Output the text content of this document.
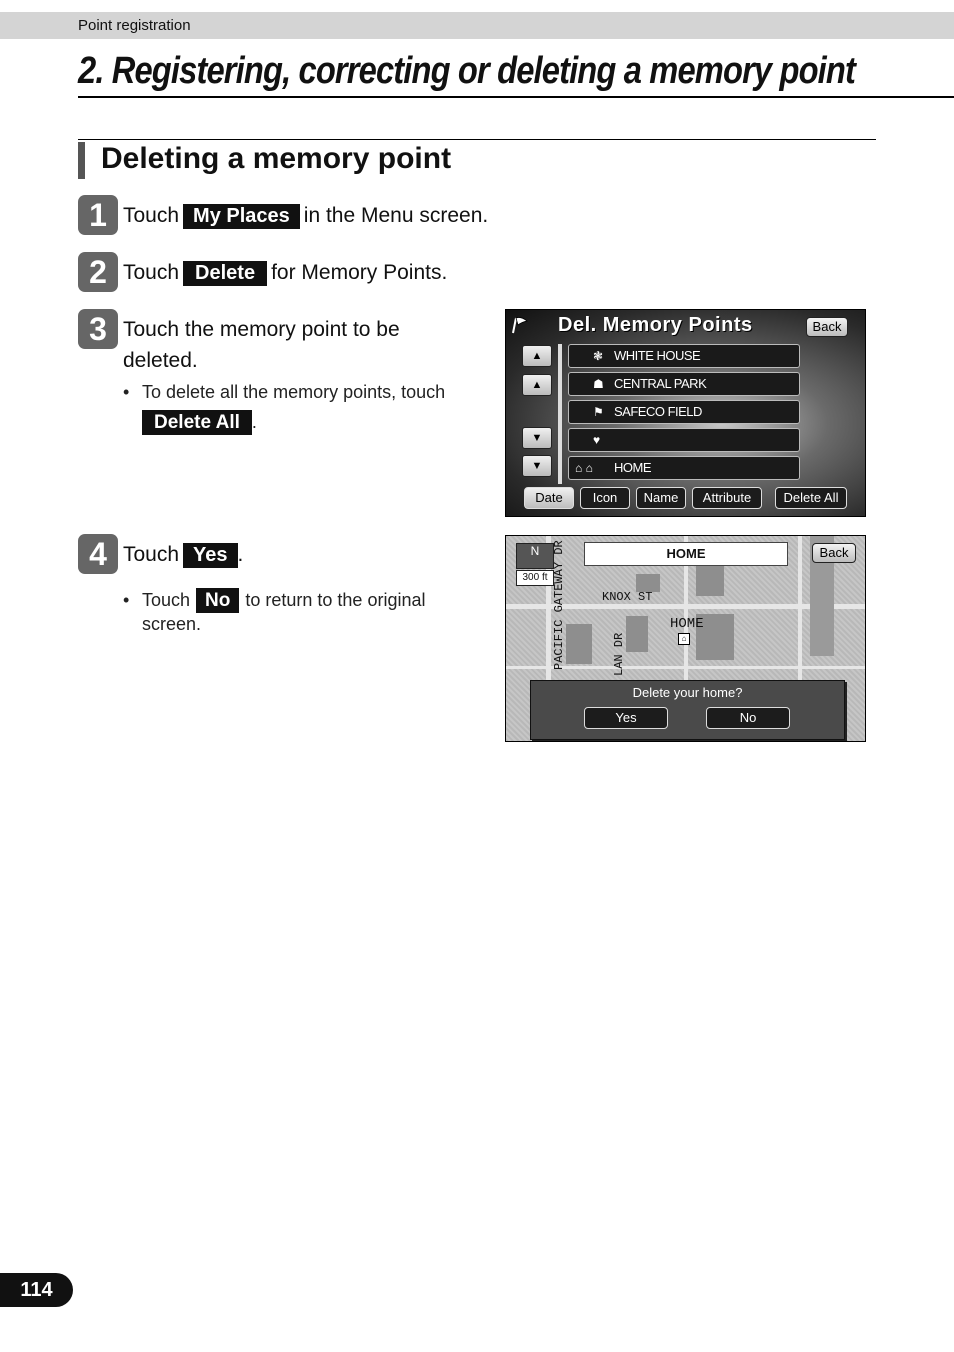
Point registration
2. Registering, correcting or deleting a memory point
Deleting a memory point
1 Touch My Places in the Menu screen.
2 Touch Delete for Memory Points.
3 Touch the memory point to be
deleted.
• To delete all the memory points, touch
Delete All .
Del. Memory Points	Back
▲
▲
▼
▼
❃ WHITE HOUSE
☗ CENTRAL PARK
⚑ SAFECO FIELD
♥
⌂ ⌂ HOME
Date	Icon	Name	Attribute	Delete All
4 Touch Yes .
• Touch No to return to the original
screen.
N
300 ft
HOME	Back
KNOX ST
PACIFIC GATEWAY DR	LAN DR
HOME
⌂
Delete your home?
Yes	No
114
